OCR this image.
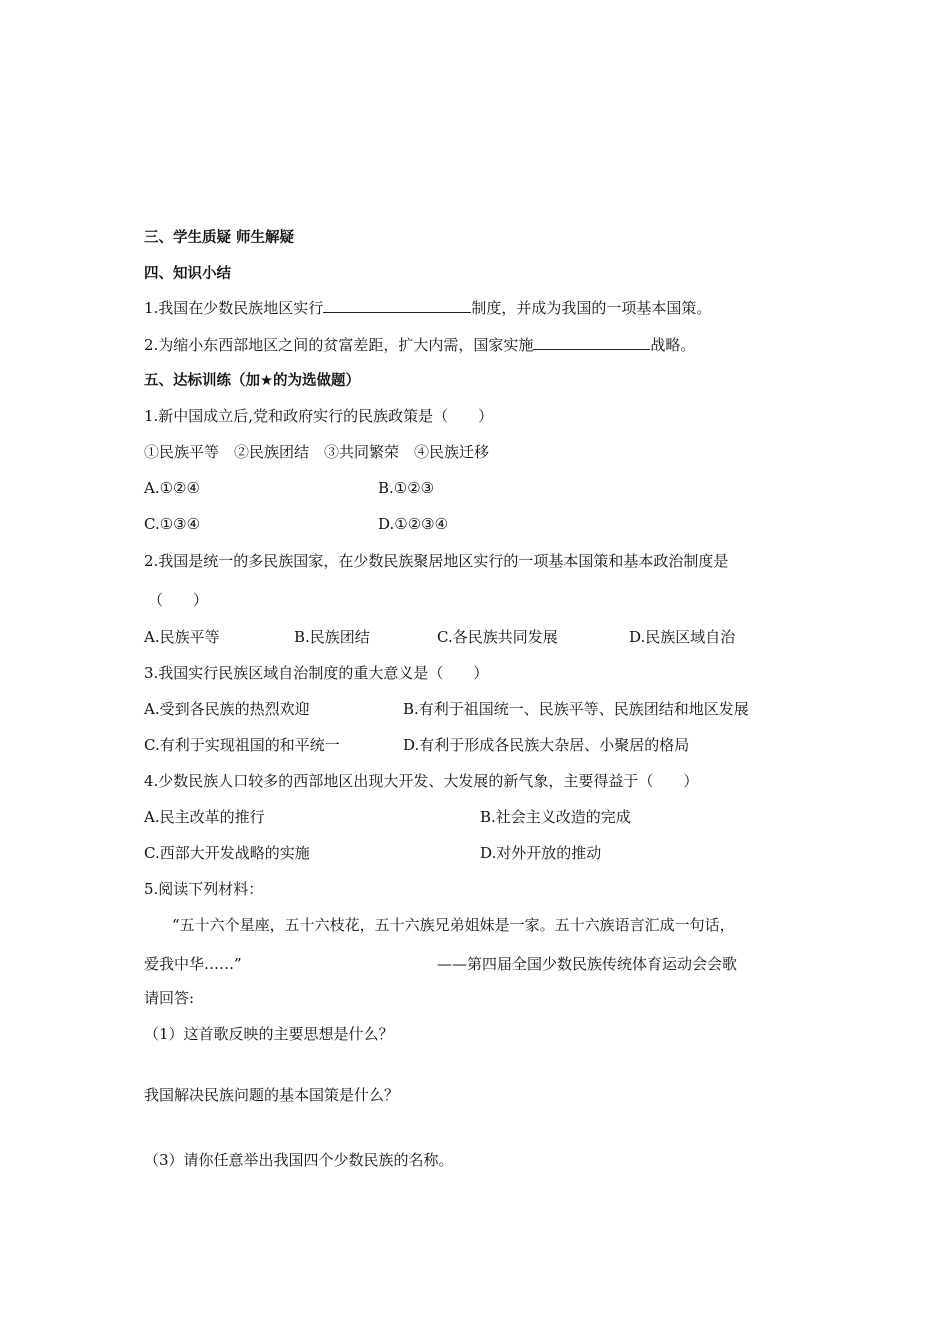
三、学生质疑 师生解疑
四、知识小结
1.我国在少数民族地区实行	制度，并成为我国的一项基本国策。
2.为缩小东西部地区之间的贫富差距，扩大内需，国家实施	战略。
五、达标训练（加★的为选做题）
1.新中国成立后,党和政府实行的民族政策是（　　）
①民族平等　②民族团结　③共同繁荣　④民族迁移
A.①②④	B.①②③
C.①③④	D.①②③④
2.我国是统一的多民族国家，在少数民族聚居地区实行的一项基本国策和基本政治制度是
（　　）
A.民族平等	B.民族团结	C.各民族共同发展	D.民族区域自治
3.我国实行民族区域自治制度的重大意义是（　　）
A.受到各民族的热烈欢迎	B.有利于祖国统一、民族平等、民族团结和地区发展
C.有利于实现祖国的和平统一	D.有利于形成各民族大杂居、小聚居的格局
4.少数民族人口较多的西部地区出现大开发、大发展的新气象，主要得益于（　　）
A.民主改革的推行	B.社会主义改造的完成
C.西部大开发战略的实施	D.对外开放的推动
5.阅读下列材料：
“五十六个星座，五十六枝花，五十六族兄弟姐妹是一家。五十六族语言汇成一句话，
爱我中华……”	——第四届全国少数民族传统体育运动会会歌
请回答:
（1）这首歌反映的主要思想是什么？
我国解决民族问题的基本国策是什么？
（3）请你任意举出我国四个少数民族的名称。
